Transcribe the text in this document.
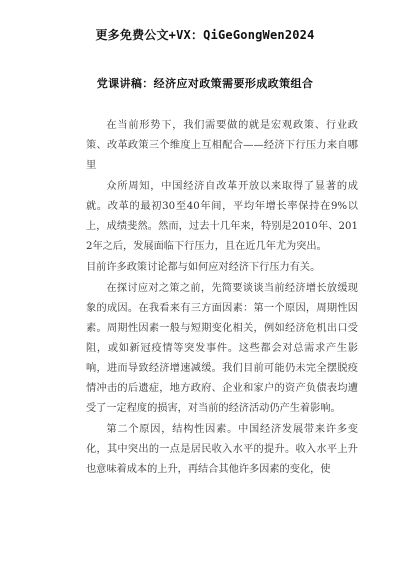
更多免费公文+VX：QiGeGongWen2024
党课讲稿：经济应对政策需要形成政策组合

在当前形势下，我们需要做的就是宏观政策、行业政策、改革政策三个维度上互相配合——经济下行压力来自哪里

众所周知，中国经济自改革开放以来取得了显著的成就。改革的最初30至40年间，平均年增长率保持在9%以上，成绩斐然。然而，过去十几年来，特别是2010年、2012年之后，发展面临下行压力，且在近几年尤为突出。

目前许多政策讨论都与如何应对经济下行压力有关。

在探讨应对之策之前，先简要谈谈当前经济增长放缓现象的成因。在我看来有三方面因素：第一个原因，周期性因素。周期性因素一般与短期变化相关，例如经济危机出口受阻，或如新冠疫情等突发事件。这些都会对总需求产生影响，进而导致经济增速减缓。我们目前可能仍未完全摆脱疫情冲击的后遗症，地方政府、企业和家户的资产负债表均遭受了一定程度的损害，对当前的经济活动仍产生着影响。

第二个原因，结构性因素。中国经济发展带来许多变化，其中突出的一点是居民收入水平的提升。收入水平上升也意味着成本的上升，再结合其他许多因素的变化，使
